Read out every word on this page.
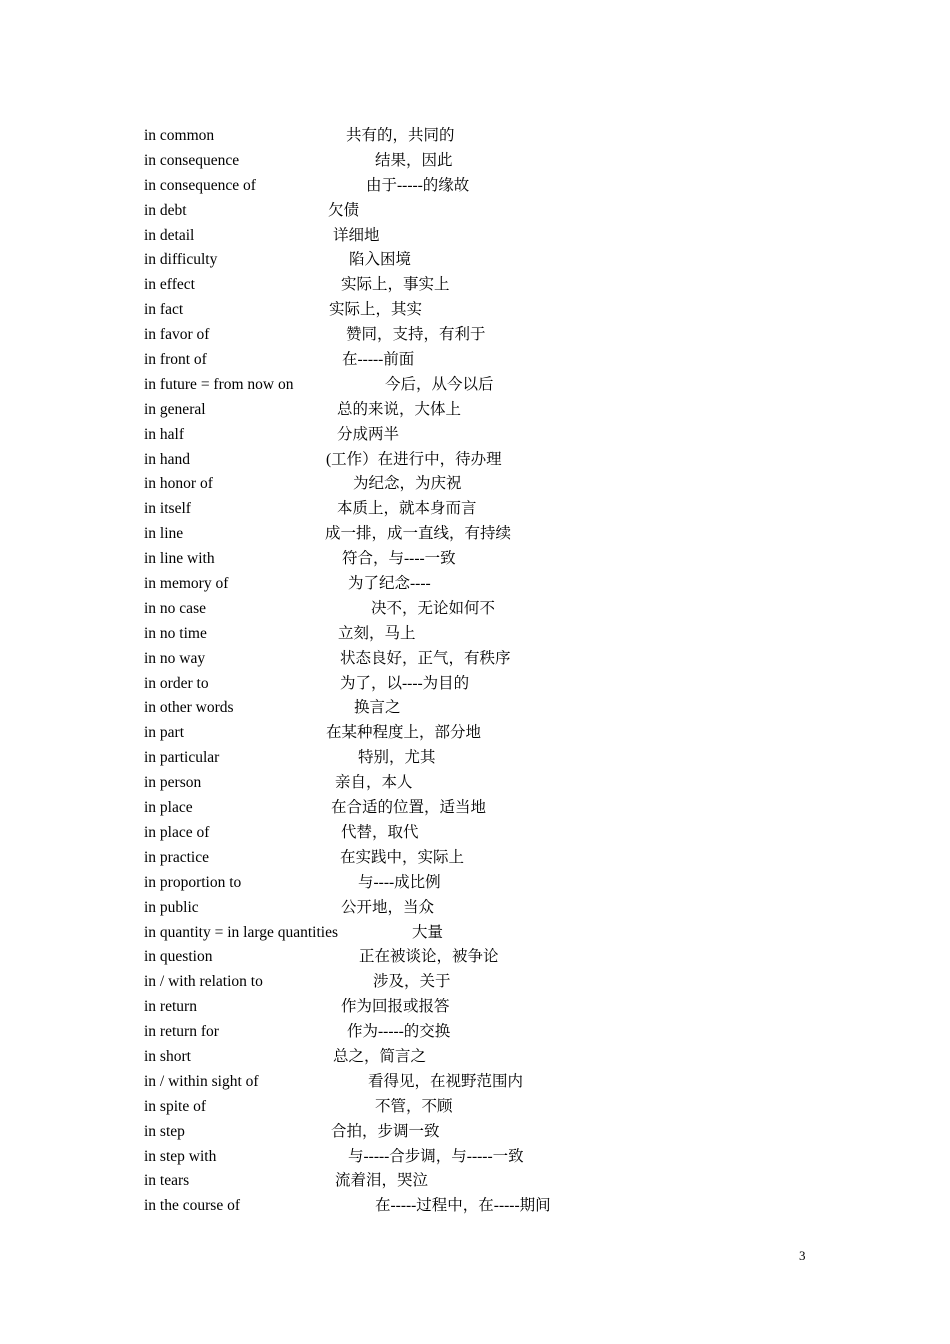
in common	共有的，共同的
in consequence	结果，因此
in consequence of	由于-----的缘故
in debt	欠债
in detail	详细地
in difficulty	陷入困境
in effect	实际上，事实上
in fact	实际上，其实
in favor of	赞同，支持，有利于
in front of	在-----前面
in future = from now on	今后，从今以后
in general	总的来说，大体上
in half	分成两半
in hand	(工作）在进行中，待办理
in honor of	为纪念，为庆祝
in itself	本质上，就本身而言
in line	成一排，成一直线，有持续
in line with	符合，与----一致
in memory of	为了纪念----
in no case	决不，无论如何不
in no time	立刻，马上
in no way	状态良好，正气，有秩序
in order to	为了，以----为目的
in other words	换言之
in part	在某种程度上，部分地
in particular	特别，尤其
in person	亲自，本人
in place	在合适的位置，适当地
in place of	代替，取代
in practice	在实践中，实际上
in proportion to	与----成比例
in public	公开地，当众
in quantity = in large quantities	大量
in question	正在被谈论，被争论
in / with relation to	涉及，关于
in return	作为回报或报答
in return for	作为-----的交换
in short	总之，简言之
in / within sight of	看得见，在视野范围内
in spite of	不管，不顾
in step	合拍，步调一致
in step with	与-----合步调，与-----一致
in tears	流着泪，哭泣
in the course of	在-----过程中，在-----期间
3
